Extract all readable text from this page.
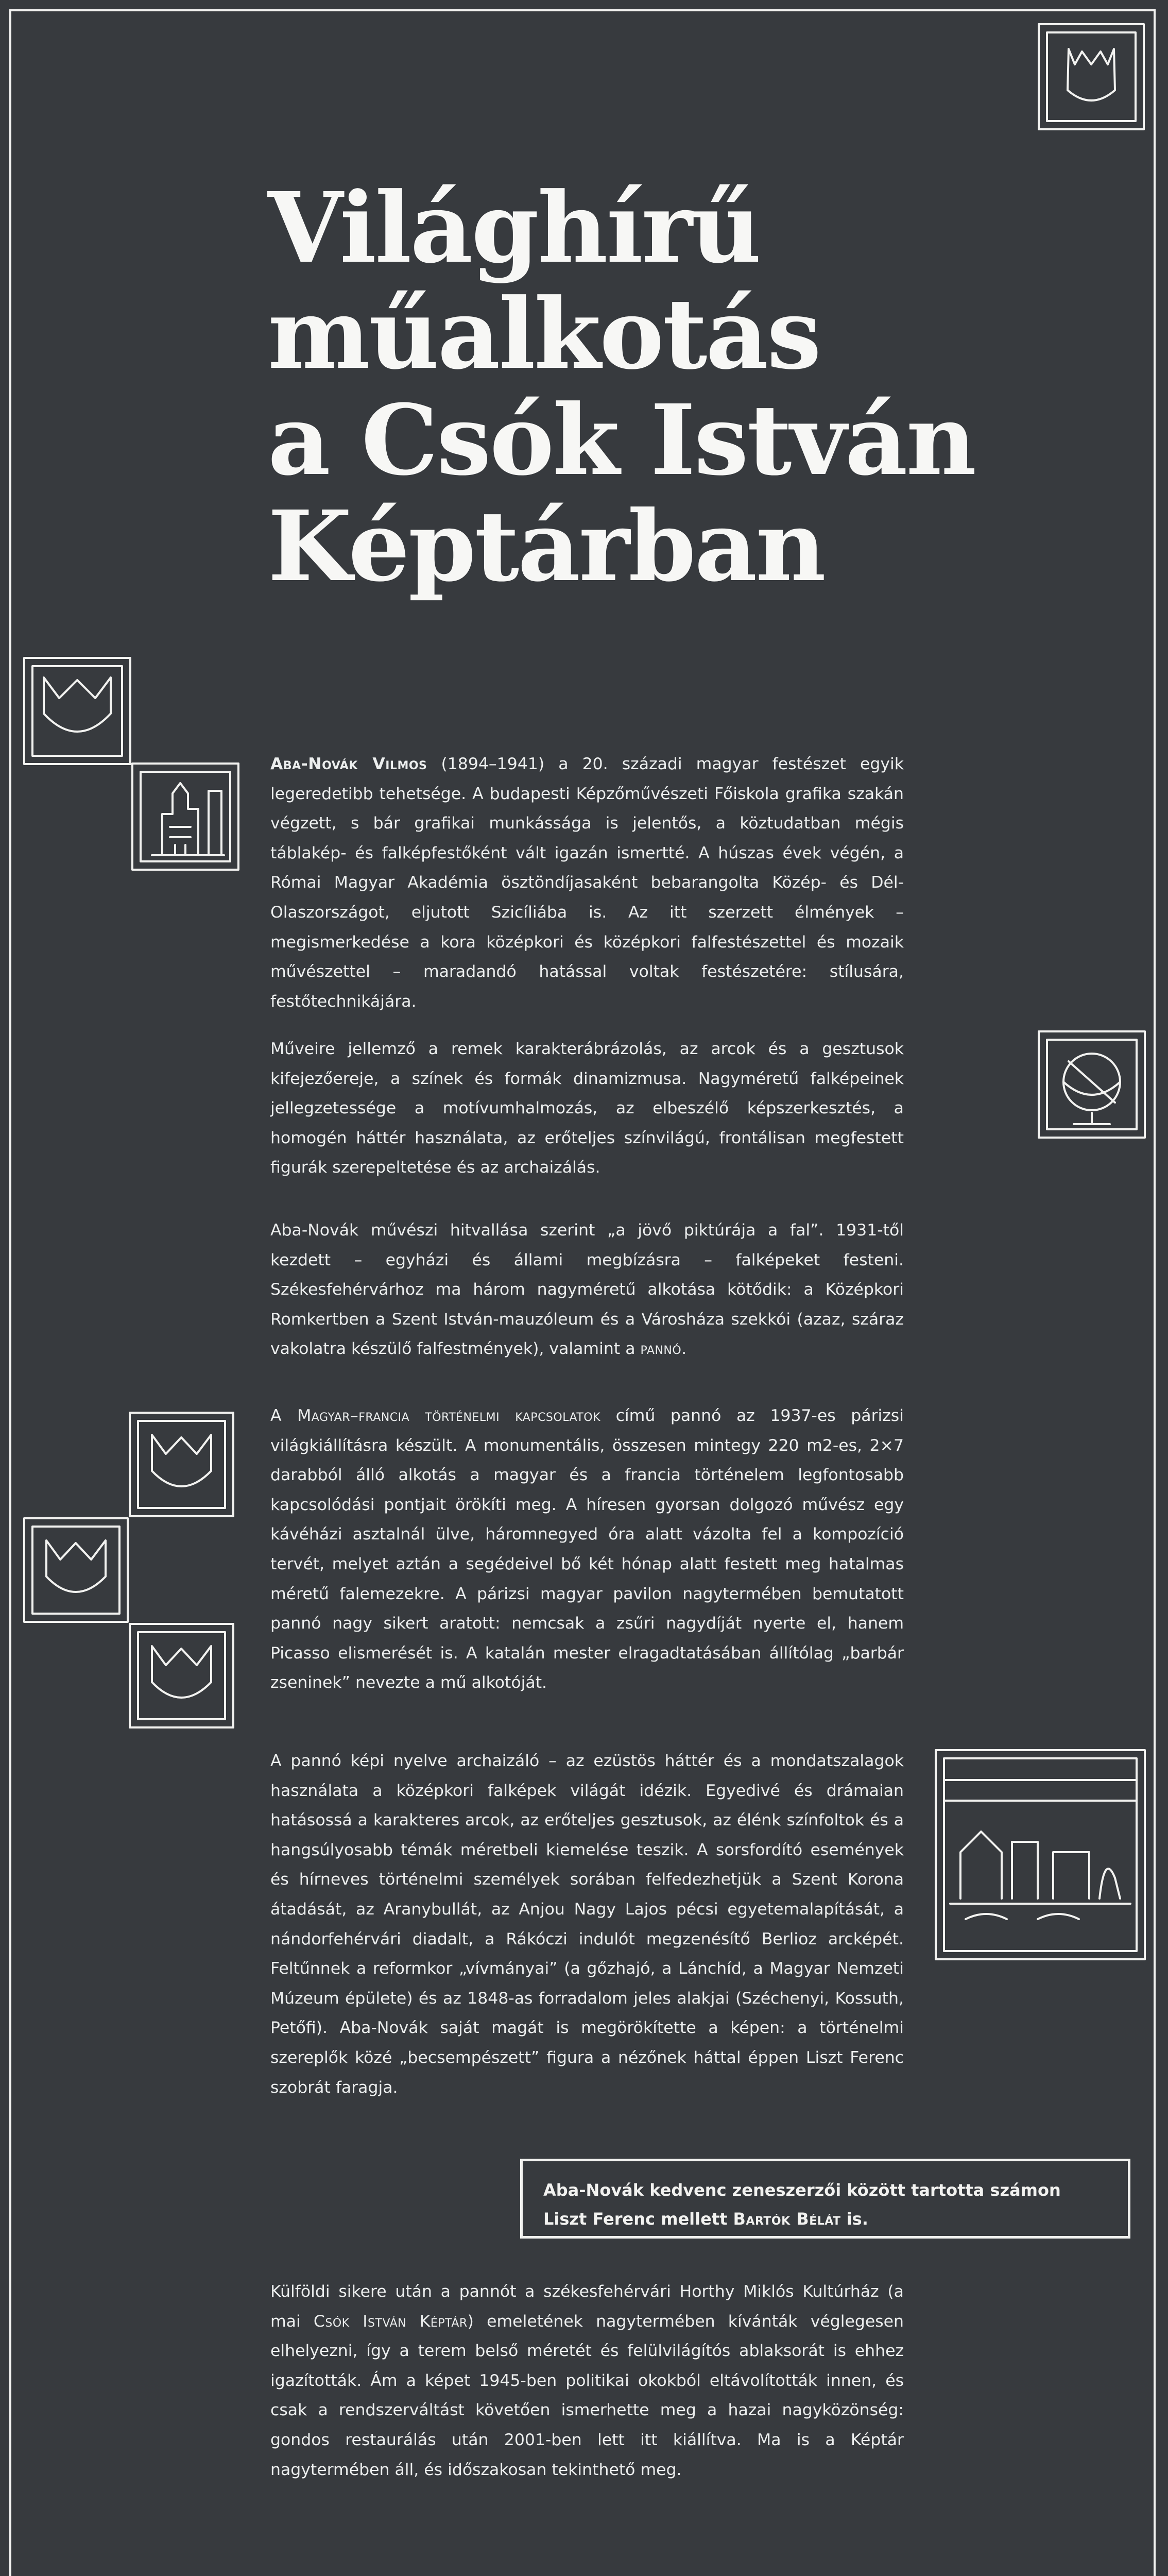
Világhírű
műalkotás
a Csók István
Képtárban

Aba-Novák Vilmos (1894–1941) a 20. századi magyar festészet egyik legeredetibb tehetsége. A budapesti Képzőművészeti Főiskola grafika szakán végzett, s bár grafikai munkássága is jelentős, a köztudatban mégis táblakép- és falképfestőként vált igazán ismertté. A húszas évek végén, a Római Magyar Akadémia ösztöndíjasaként bebarangolta Közép- és Dél-Olaszországot, eljutott Szicíliába is. Az itt szerzett élmények – megismerkedése a kora középkori és középkori falfestészettel és mozaik művészettel – maradandó hatással voltak festészetére: stílusára, festőtechnikájára.

Műveire jellemző a remek karakterábrázolás, az arcok és a gesztusok kifejezőereje, a színek és formák dinamizmusa. Nagyméretű falképeinek jellegzetessége a motívumhalmozás, az elbeszélő képszerkesztés, a homogén háttér használata, az erőteljes színvilágú, frontálisan megfestett figurák szerepeltetése és az archaizálás.

Aba-Novák művészi hitvallása szerint „a jövő piktúrája a fal”. 1931-től kezdett – egyházi és állami megbízásra – falképeket festeni. Székesfehérvárhoz ma három nagyméretű alkotása kötődik: a Középkori Romkertben a Szent István-mauzóleum és a Városháza szekkói (azaz, száraz vakolatra készülő falfestmények), valamint a pannó.

A Magyar–francia történelmi kapcsolatok című pannó az 1937-es párizsi világkiállításra készült. A monumentális, összesen mintegy 220 m2-es, 2×7 darabból álló alkotás a magyar és a francia történelem legfontosabb kapcsolódási pontjait örökíti meg. A híresen gyorsan dolgozó művész egy kávéházi asztalnál ülve, háromnegyed óra alatt vázolta fel a kompozíció tervét, melyet aztán a segédeivel bő két hónap alatt festett meg hatalmas méretű falemezekre. A párizsi magyar pavilon nagytermében bemutatott pannó nagy sikert aratott: nemcsak a zsűri nagydíját nyerte el, hanem Picasso elismerését is. A katalán mester elragadtatásában állítólag „barbár zseninek” nevezte a mű alkotóját.

A pannó képi nyelve archaizáló – az ezüstös háttér és a mondatszalagok használata a középkori falképek világát idézik. Egyedivé és drámaian hatásossá a karakteres arcok, az erőteljes gesztusok, az élénk színfoltok és a hangsúlyosabb témák méretbeli kiemelése teszik. A sorsfordító események és hírneves történelmi személyek sorában felfedezhetjük a Szent Korona átadását, az Aranybullát, az Anjou Nagy Lajos pécsi egyetemalapítását, a nándorfehérvári diadalt, a Rákóczi indulót megzenésítő Berlioz arcképét. Feltűnnek a reformkor „vívmányai” (a gőzhajó, a Lánchíd, a Magyar Nemzeti Múzeum épülete) és az 1848-as forradalom jeles alakjai (Széchenyi, Kossuth, Petőfi). Aba-Novák saját magát is megörökítette a képen: a történelmi szereplők közé „becsempészett” figura a nézőnek háttal éppen Liszt Ferenc szobrát faragja.

Aba-Novák kedvenc zeneszerzői között tartotta számon Liszt Ferenc mellett Bartók Bélát is.

Külföldi sikere után a pannót a székesfehérvári Horthy Miklós Kultúrház (a mai Csók István Képtár) emeletének nagytermében kívánták véglegesen elhelyezni, így a terem belső méretét és felülvilágítós ablaksorát is ehhez igazították. Ám a képet 1945-ben politikai okokból eltávolították innen, és csak a rendszerváltást követően ismerhette meg a hazai nagyközönség: gondos restaurálás után 2001-ben lett itt kiállítva. Ma is a Képtár nagytermében áll, és időszakosan tekinthető meg.
